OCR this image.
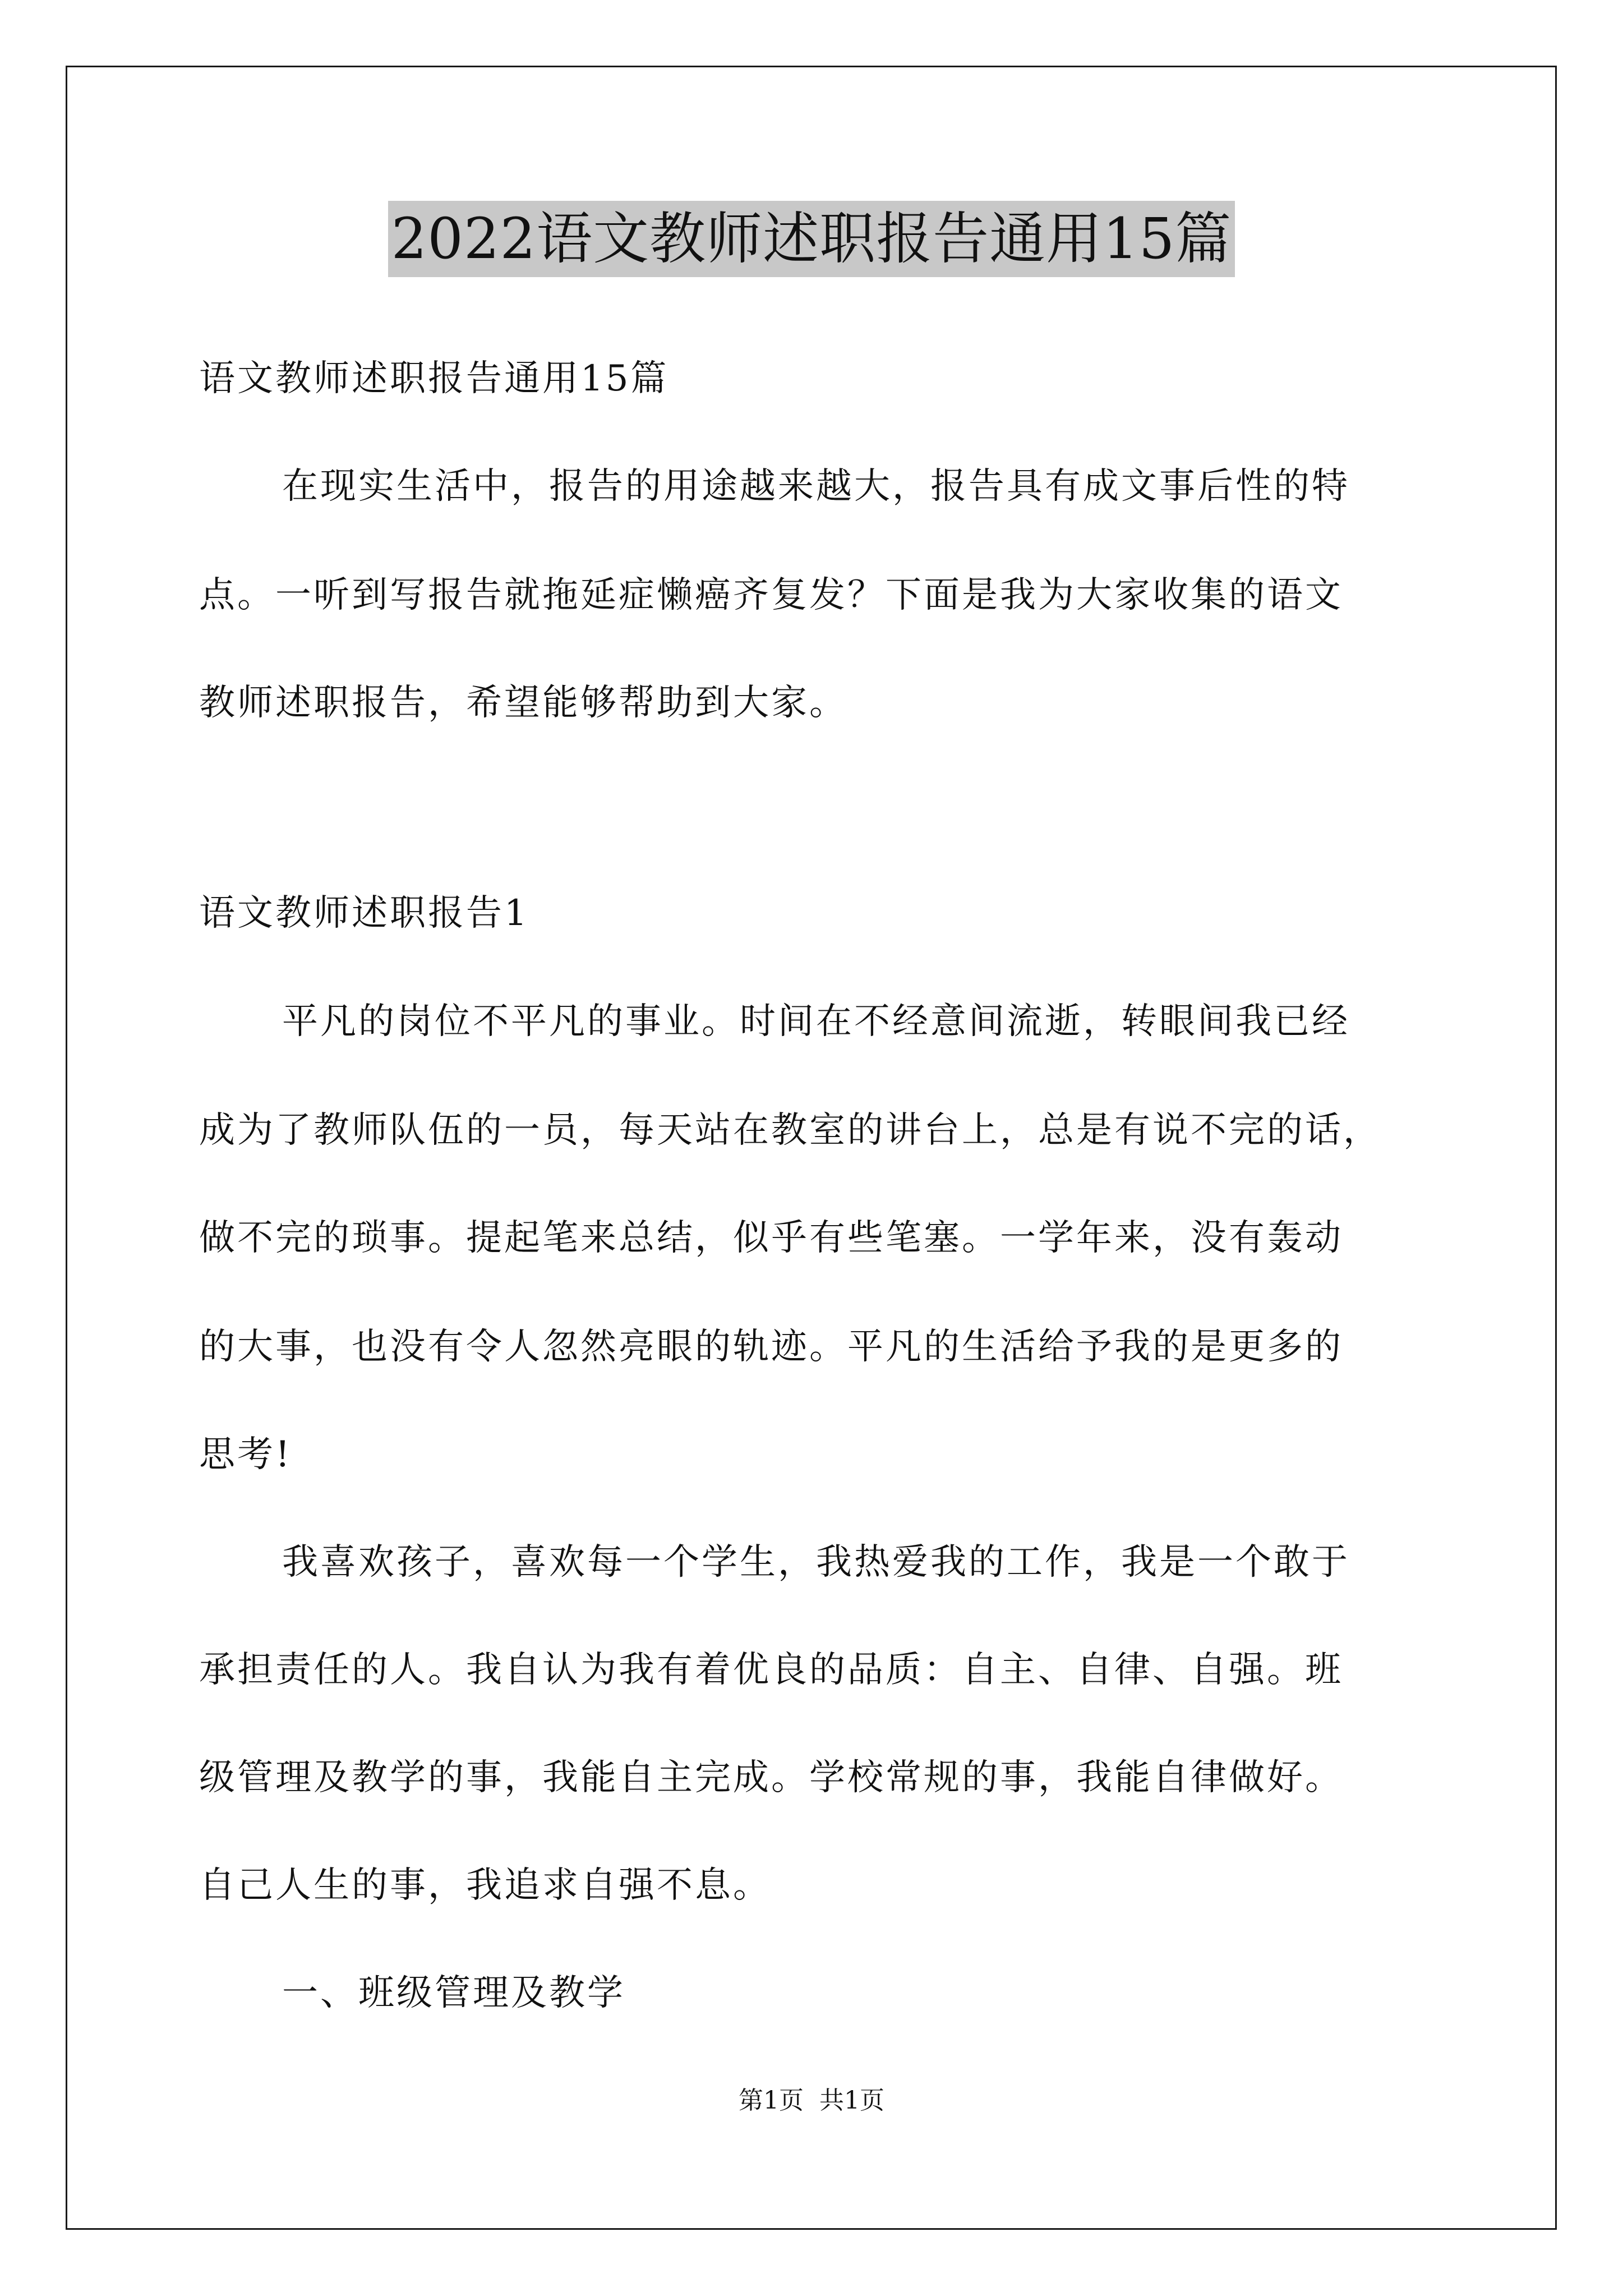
2022语文教师述职报告通用15篇
语文教师述职报告通用15篇
在现实生活中，报告的用途越来越大，报告具有成文事后性的特
点。一听到写报告就拖延症懒癌齐复发？下面是我为大家收集的语文
教师述职报告，希望能够帮助到大家。
语文教师述职报告1
平凡的岗位不平凡的事业。时间在不经意间流逝，转眼间我已经
成为了教师队伍的一员，每天站在教室的讲台上，总是有说不完的话，
做不完的琐事。提起笔来总结，似乎有些笔塞。一学年来，没有轰动
的大事，也没有令人忽然亮眼的轨迹。平凡的生活给予我的是更多的
思考!
我喜欢孩子，喜欢每一个学生，我热爱我的工作，我是一个敢于
承担责任的人。我自认为我有着优良的品质：自主、自律、自强。班
级管理及教学的事，我能自主完成。学校常规的事，我能自律做好。
自己人生的事，我追求自强不息。
一、班级管理及教学
第1页 共1页
